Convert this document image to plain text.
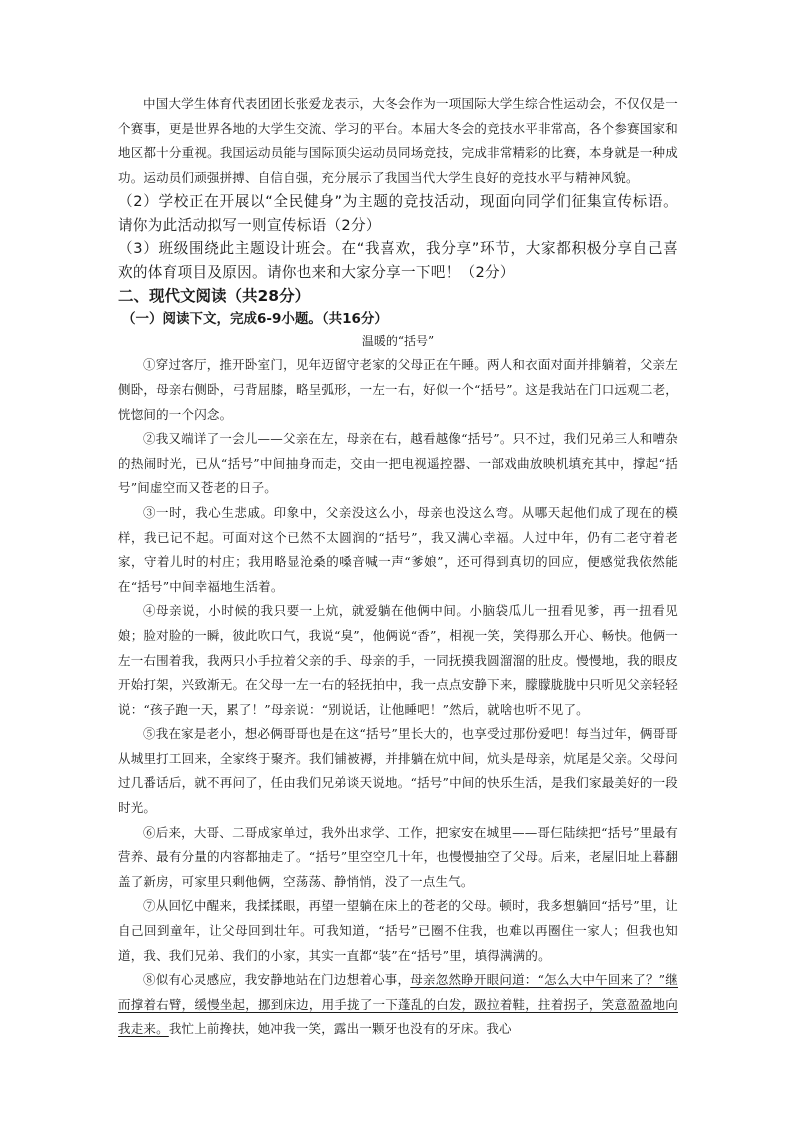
中国大学生体育代表团团长张爱龙表示，大冬会作为一项国际大学生综合性运动会，不仅仅是一个赛事，更是世界各地的大学生交流、学习的平台。本届大冬会的竞技水平非常高，各个参赛国家和地区都十分重视。我国运动员能与国际顶尖运动员同场竞技，完成非常精彩的比赛，本身就是一种成功。运动员们顽强拼搏、自信自强，充分展示了我国当代大学生良好的竞技水平与精神风貌。

（2）学校正在开展以“全民健身”为主题的竞技活动，现面向同学们征集宣传标语。请你为此活动拟写一则宣传标语（2分）

（3）班级围绕此主题设计班会。在“我喜欢，我分享”环节，大家都积极分享自己喜欢的体育项目及原因。请你也来和大家分享一下吧！（2分）

二、现代文阅读（共28分）

（一）阅读下文，完成6-9小题。（共16分）

温暖的“括号”

①穿过客厅，推开卧室门，见年迈留守老家的父母正在午睡。两人和衣面对面并排躺着，父亲左侧卧，母亲右侧卧，弓背屈膝，略呈弧形，一左一右，好似一个“括号”。这是我站在门口远观二老，恍惚间的一个闪念。

②我又端详了一会儿——父亲在左，母亲在右，越看越像“括号”。只不过，我们兄弟三人和嘈杂的热闹时光，已从“括号”中间抽身而走，交由一把电视遥控器、一部戏曲放映机填充其中，撑起“括号”间虚空而又苍老的日子。

③一时，我心生悲戚。印象中，父亲没这么小，母亲也没这么弯。从哪天起他们成了现在的模样，我已记不起。可面对这个已然不太圆润的“括号”，我又满心幸福。人过中年，仍有二老守着老家，守着儿时的村庄；我用略显沧桑的嗓音喊一声“爹娘”，还可得到真切的回应，便感觉我依然能在“括号”中间幸福地生活着。

④母亲说，小时候的我只要一上炕，就爱躺在他俩中间。小脑袋瓜儿一扭看见爹，再一扭看见娘；脸对脸的一瞬，彼此吹口气，我说“臭”，他俩说“香”，相视一笑，笑得那么开心、畅快。他俩一左一右围着我，我两只小手拉着父亲的手、母亲的手，一同抚摸我圆溜溜的肚皮。慢慢地，我的眼皮开始打架，兴致渐无。在父母一左一右的轻抚拍中，我一点点安静下来，朦朦胧胧中只听见父亲轻轻说：“孩子跑一天，累了！”母亲说：“别说话，让他睡吧！”然后，就啥也听不见了。

⑤我在家是老小，想必俩哥哥也是在这“括号”里长大的，也享受过那份爱吧！每当过年，俩哥哥从城里打工回来，全家终于聚齐。我们铺被褥，并排躺在炕中间，炕头是母亲，炕尾是父亲。父母问过几番话后，就不再问了，任由我们兄弟谈天说地。“括号”中间的快乐生活，是我们家最美好的一段时光。

⑥后来，大哥、二哥成家单过，我外出求学、工作，把家安在城里——哥仨陆续把“括号”里最有营养、最有分量的内容都抽走了。“括号”里空空几十年，也慢慢抽空了父母。后来，老屋旧址上暮翻盖了新房，可家里只剩他俩，空荡荡、静悄悄，没了一点生气。

⑦从回忆中醒来，我揉揉眼，再望一望躺在床上的苍老的父母。顿时，我多想躺回“括号”里，让自己回到童年，让父母回到壮年。可我知道，“括号”已圈不住我，也难以再圈住一家人；但我也知道，我、我们兄弟、我们的小家，其实一直都“装”在“括号”里，填得满满的。

⑧似有心灵感应，我安静地站在门边想着心事，母亲忽然睁开眼问道：“怎么大中午回来了？”继而撑着右臂，缓慢坐起，挪到床边，用手拢了一下蓬乱的白发，趿拉着鞋，拄着拐子，笑意盈盈地向我走来。我忙上前搀扶，她冲我一笑，露出一颗牙也没有的牙床。我心
